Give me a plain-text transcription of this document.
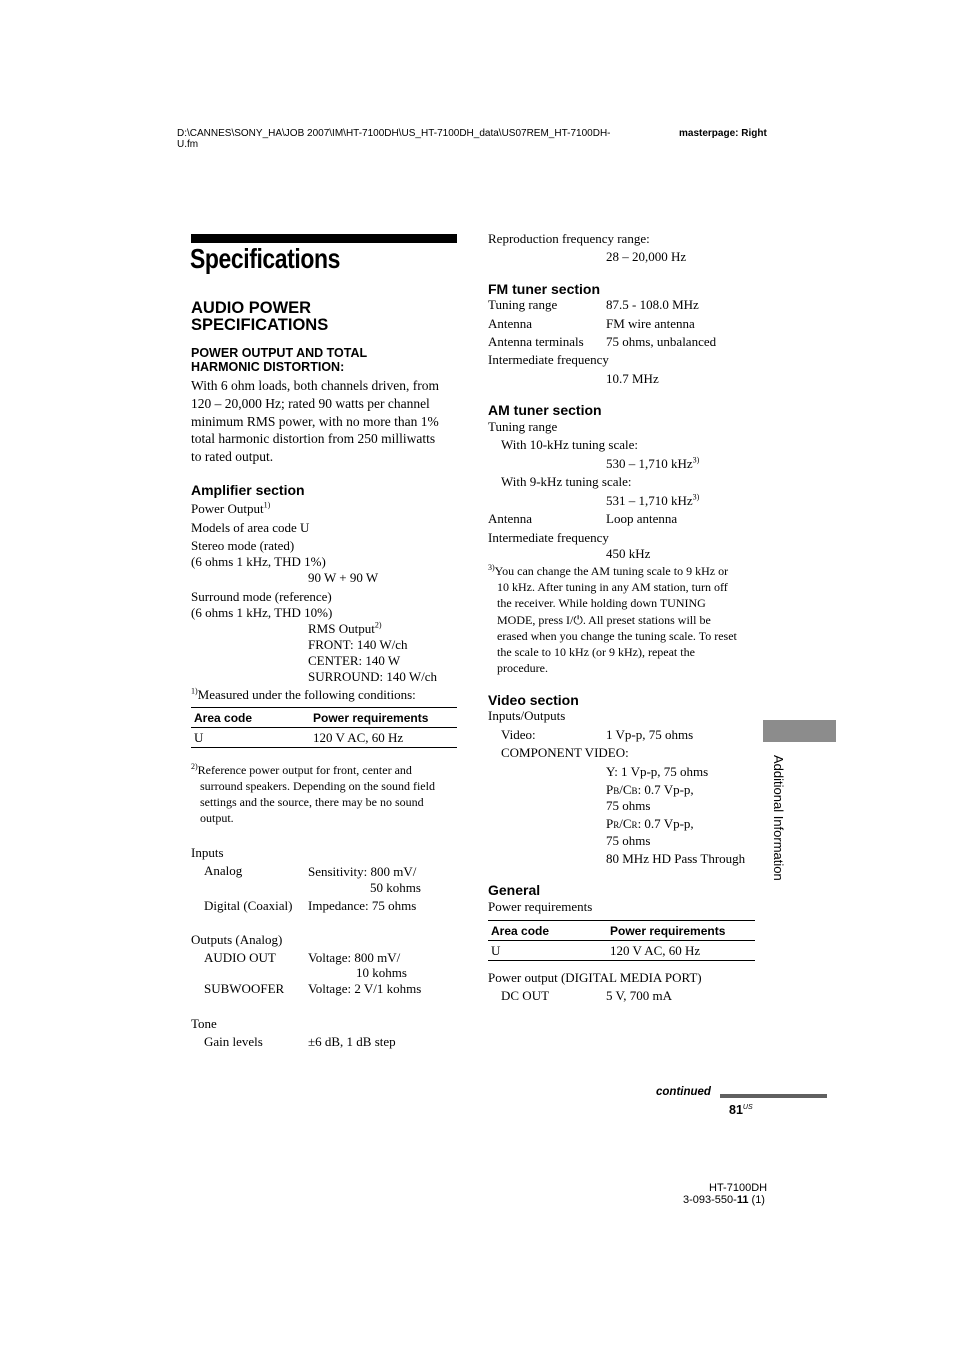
D:\CANNES\SONY_HA\JOB 2007\IM\HT-7100DH\US_HT-7100DH_data\US07REM_HT-7100DH-
U.fm
masterpage: Right
Specifications
AUDIO POWER
SPECIFICATIONS
POWER OUTPUT AND TOTAL
HARMONIC DISTORTION:
With 6 ohm loads, both channels driven, from
120 – 20,000 Hz; rated 90 watts per channel
minimum RMS power, with no more than 1%
total harmonic distortion from 250 milliwatts
to rated output.
Amplifier section
Power Output$^{1)}$
Models of area code U
Stereo mode (rated)
(6 ohms 1 kHz, THD 1%)
90 W + 90 W
Surround mode (reference)
(6 ohms 1 kHz, THD 10%)
RMS Output$^{2)}$
FRONT: 140 W/ch
CENTER: 140 W
SURROUND: 140 W/ch
$^{1)}$Measured under the following conditions:
Area code	Power requirements
U	120 V AC, 60 Hz
$^{2)}$Reference power output for front, center and
surround speakers. Depending on the sound field
settings and the source, there may be no sound
output.
Inputs
Analog	Sensitivity: 800 mV/
50 kohms
Digital (Coaxial) Impedance: 75 ohms
Outputs (Analog)
AUDIO OUT Voltage: 800 mV/
10 kohms
SUBWOOFER Voltage: 2 V/1 kohms
Tone
Gain levels	±6 dB, 1 dB step
Reproduction frequency range:
28 – 20,000 Hz
FM tuner section
Tuning range	87.5 - 108.0 MHz
Antenna	FM wire antenna
Antenna terminals 75 ohms, unbalanced
Intermediate frequency
10.7 MHz
AM tuner section
Tuning range
With 10-kHz tuning scale:
530 – 1,710 kHz$^{3)}$
With 9-kHz tuning scale:
531 – 1,710 kHz$^{3)}$
Antenna	Loop antenna
Intermediate frequency
450 kHz
$^{3)}$You can change the AM tuning scale to 9 kHz or
10 kHz. After tuning in any AM station, turn off
the receiver. While holding down TUNING
MODE, press I/⏻. All preset stations will be
erased when you change the tuning scale. To reset
the scale to 10 kHz (or 9 kHz), repeat the
procedure.
Video section
Inputs/Outputs
Video:	1 Vp-p, 75 ohms
COMPONENT VIDEO:
Y: 1 Vp-p, 75 ohms
PB/CB: 0.7 Vp-p,
75 ohms
PR/CR: 0.7 Vp-p,
75 ohms
80 MHz HD Pass Through
General
Power requirements
Area code	Power requirements
U	120 V AC, 60 Hz
Power output (DIGITAL MEDIA PORT)
DC OUT	5 V, 700 mA
Additional Information
continued
$81^{US}$
HT-7100DH
3-093-550-11 (1)
